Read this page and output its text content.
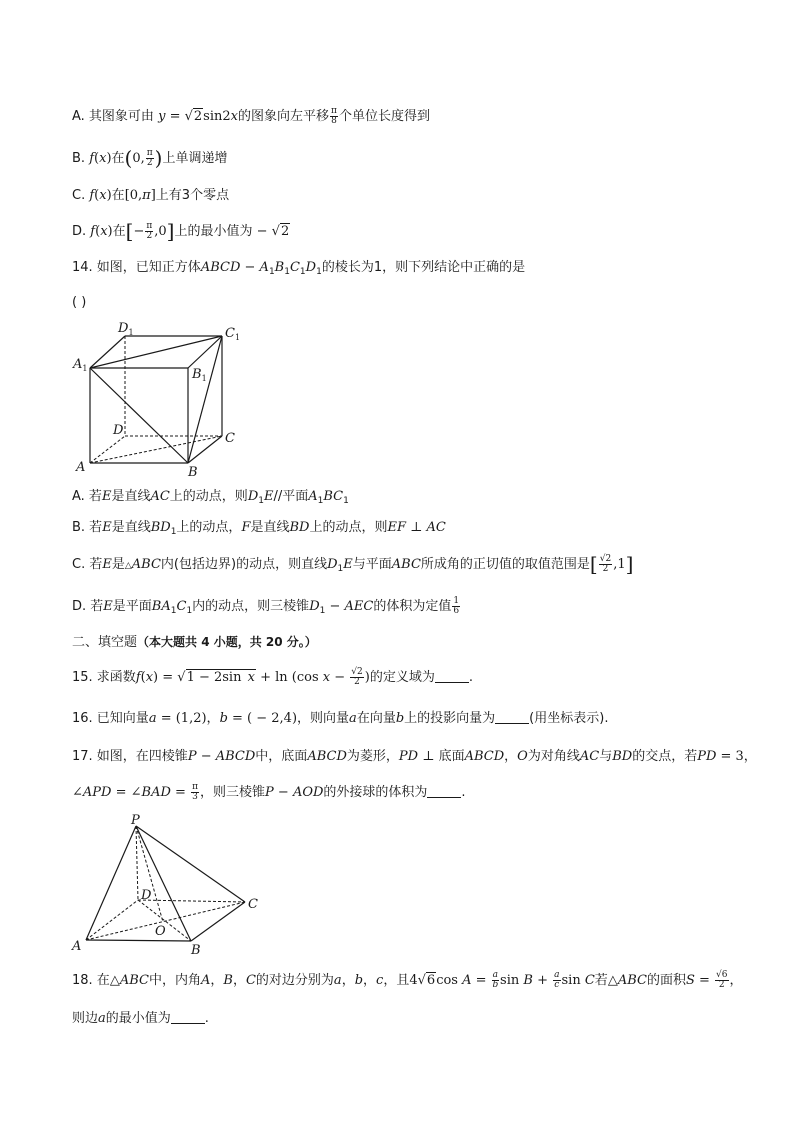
A. 其图象可由 y = √2sin2x的图象向左平移 $\frac{\pi}{8}$ 个单位长度得到
B. f(x)在(0, $\frac{\pi}{2}$ )上单调递增
C. f(x)在[0,π]上有3个零点
D. f(x)在[− $\frac{\pi}{2} ,0$]上的最小值为 − √2
14. 如图，已知正方体ABCD − $A_1B_1C_1D_1$的棱长为1，则下列结论中正确的是
( )
$D_1$	$C_1$
$A_1$	$B_1$
D
C
A	B
A. 若E是直线AC上的动点，则$D_1E//$平面$A_1BC_1$
B. 若E是直线$BD_1$上的动点，F是直线BD上的动点，则EF ⊥ AC
C. 若E是△ABC内(包括边界)的动点，则直线$D_1E$与平面ABC所成角的正切值的取值范围是[ $\frac{√2}{2} ,1$]
D. 若E是平面$BA_1C_1$内的动点，则三棱锥$D_1$ − AEC的体积为定值 $\frac{1}{6}$
二、填空题（本大题共 4 小题，共 20 分。）
15. 求函数f(x) = √1 − 2sin x + ln (cos $x - \frac{√2}{2}$ )的定义域为	.
16. 已知向量a = (1,2)，b = ( − 2,4)，则向量a在向量b上的投影向量为	(用坐标表示).
17. 如图，在四棱锥P − ABCD中，底面ABCD为菱形，PD ⊥ 底面ABCD，O为对角线AC与BD的交点，若PD = 3，
∠APD = ∠BAD = $\frac{\pi}{3}$ ，则三棱锥P − AOD的外接球的体积为	.
P
D
C
O
A	B
18. 在△ABC中，内角A，B，C的对边分别为a，b，c，且4√6cos $A = \frac{a}{b}$ $\sin B + \frac{a}{c}$ sin C若△ABC的面积$S = \frac{√6}{2}$ ，
则边a的最小值为	.
